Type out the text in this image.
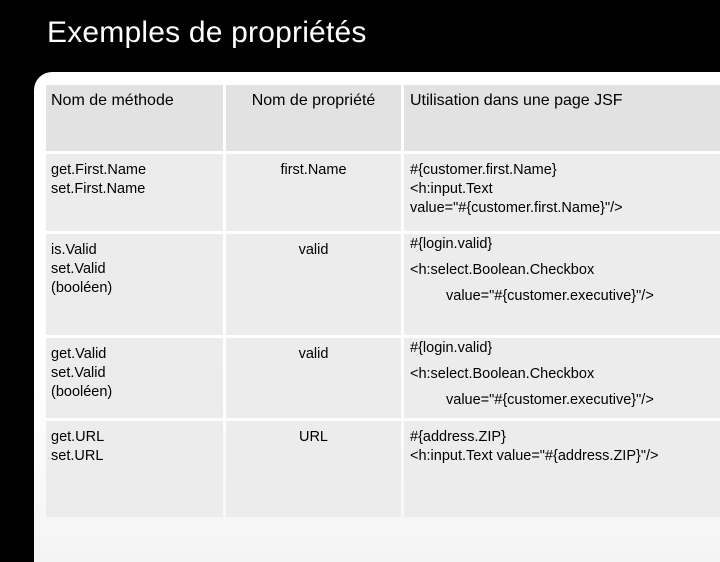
Exemples de propriétés
Nom de méthode	Nom de propriété	Utilisation dans une page JSF

get.First.Name
set.First.Name	first.Name	#{customer.first.Name}
<h:input.Text
value="#{customer.first.Name}"/>

is.Valid
set.Valid
(booléen)	valid	#{login.valid}
<h:select.Boolean.Checkbox
value="#{customer.executive}"/>

get.Valid
set.Valid
(booléen)	valid	#{login.valid}
<h:select.Boolean.Checkbox
value="#{customer.executive}"/>

get.URL
set.URL	URL	#{address.ZIP}
<h:input.Text value="#{address.ZIP}"/>
